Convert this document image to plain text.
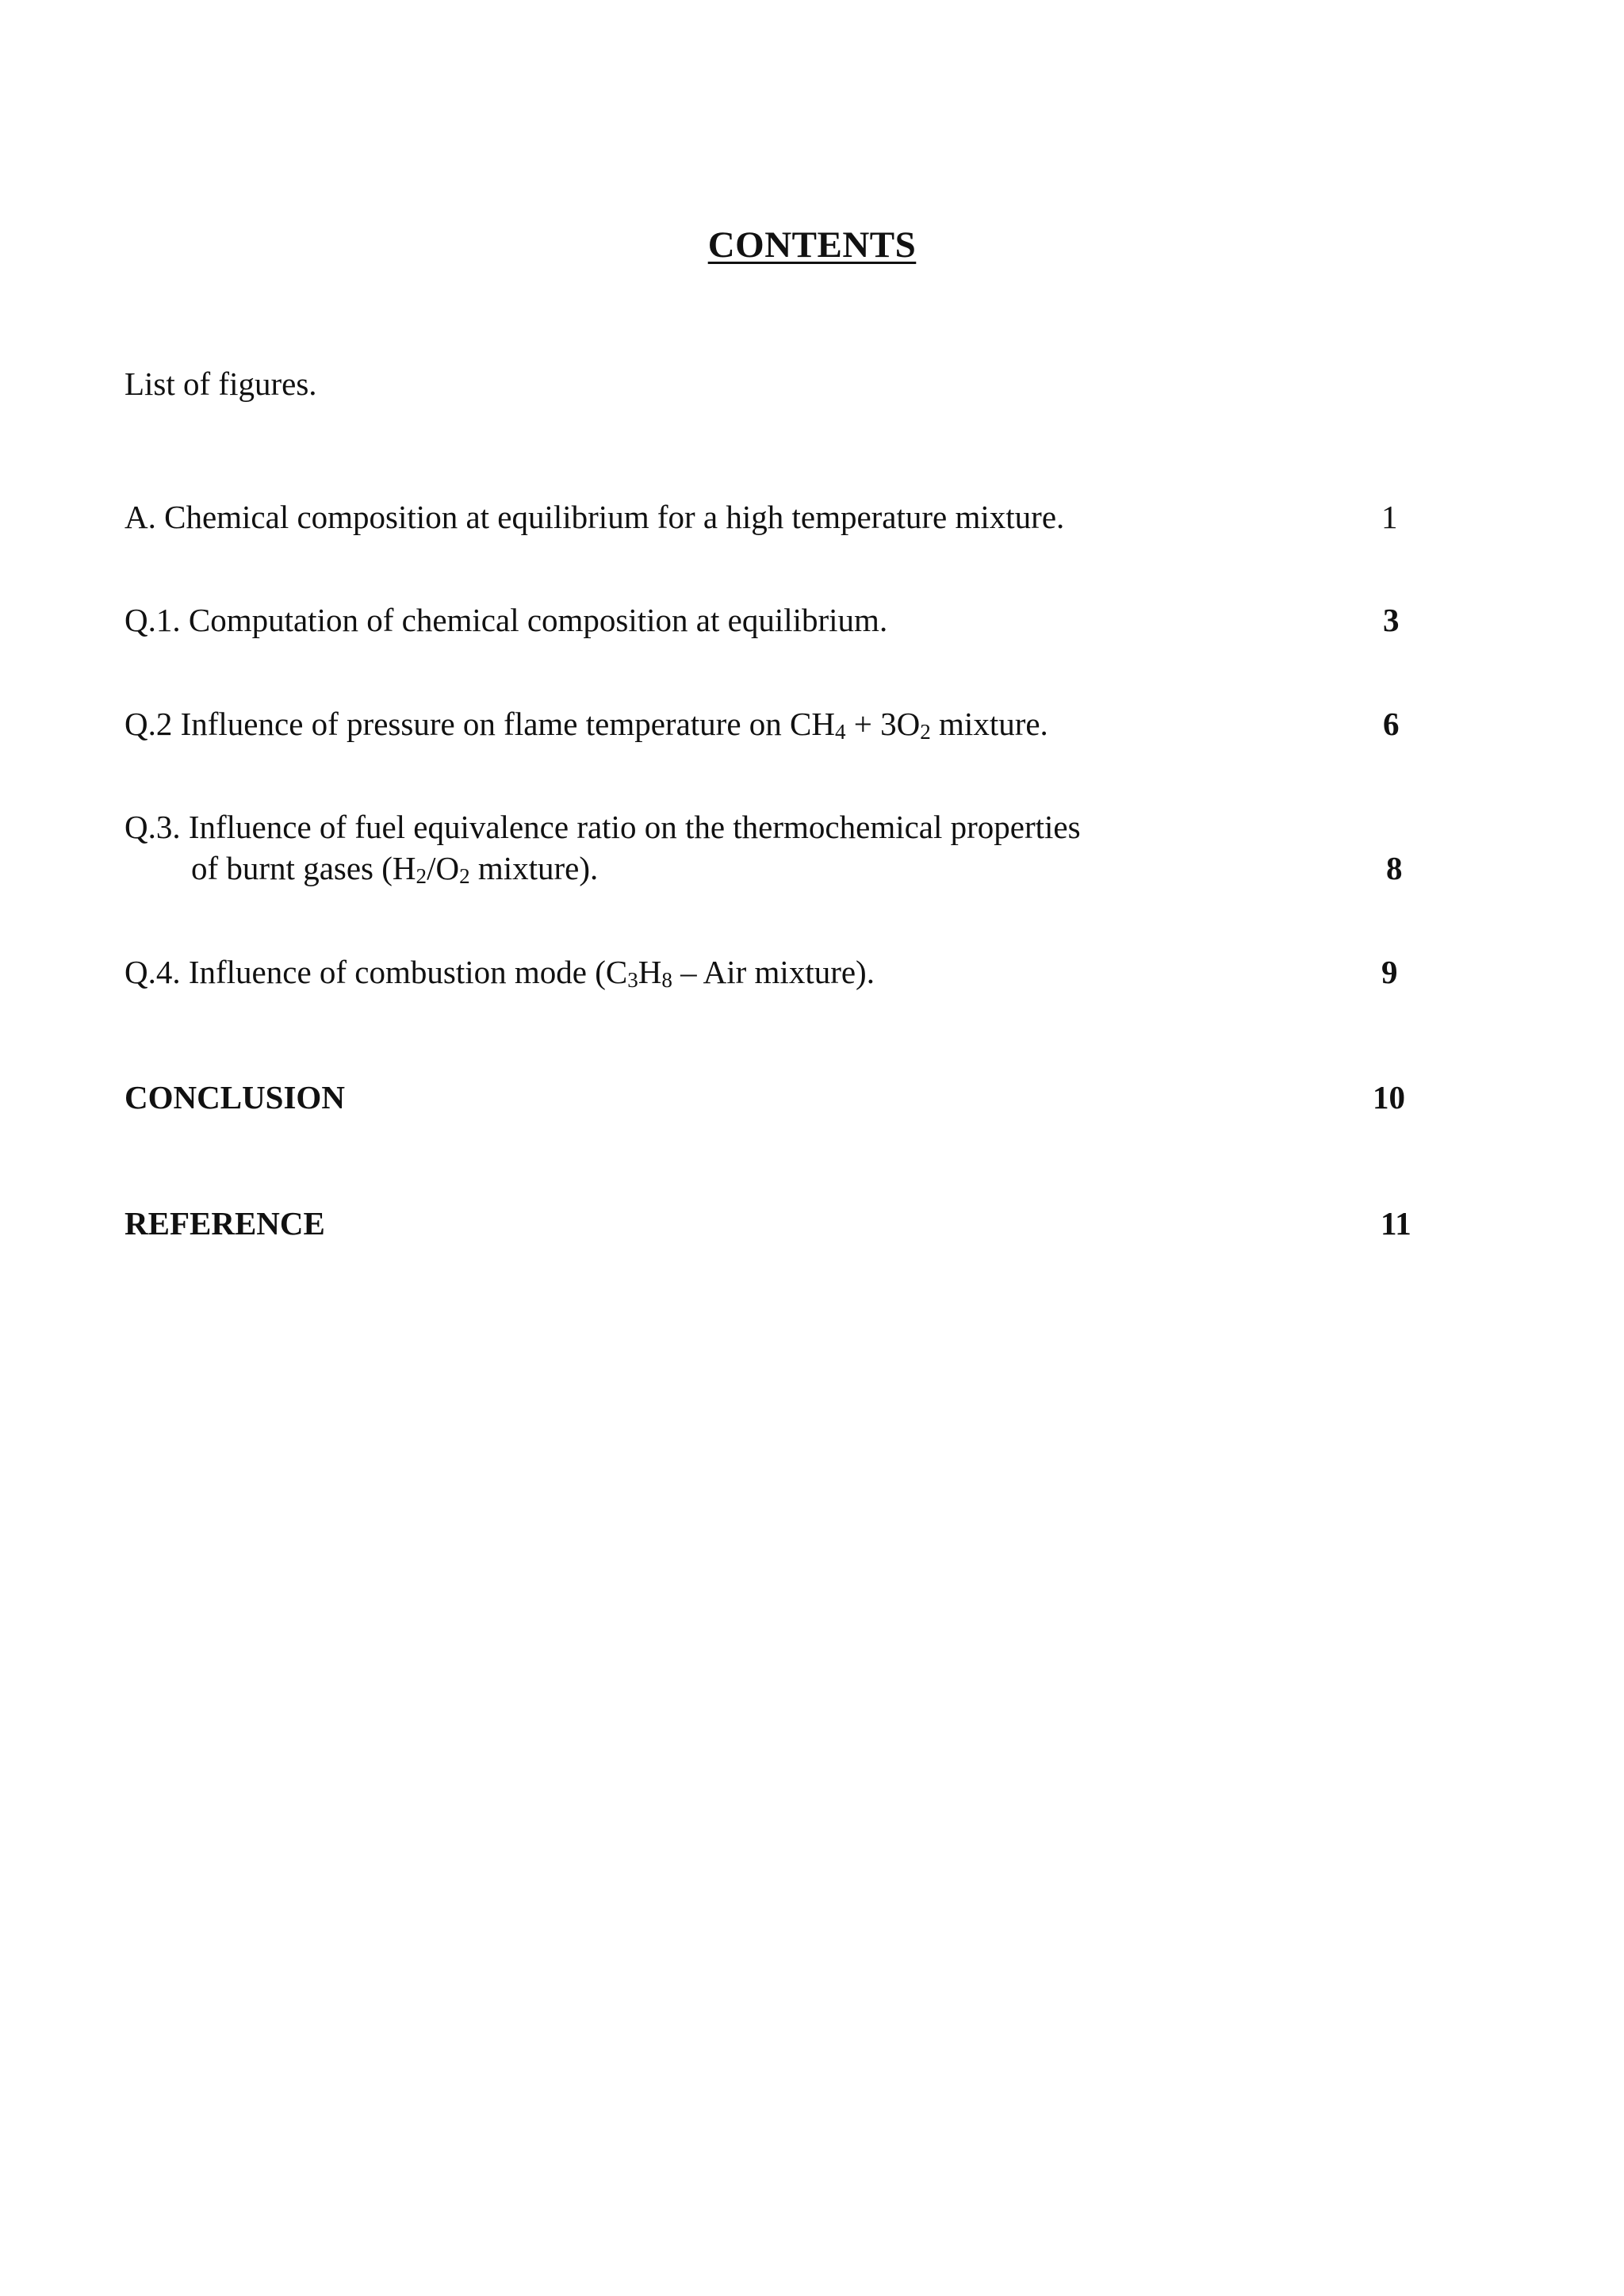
CONTENTS
List of figures.
A. Chemical composition at equilibrium for a high temperature mixture.	1
Q.1. Computation of chemical composition at equilibrium.	3
Q.2 Influence of pressure on flame temperature on CH4 + 3O2 mixture.	6
Q.3. Influence of fuel equivalence ratio on the thermochemical properties
of burnt gases (H2/O2 mixture).	8
Q.4. Influence of combustion mode (C3H8 – Air mixture).	9
CONCLUSION	10
REFERENCE	11
